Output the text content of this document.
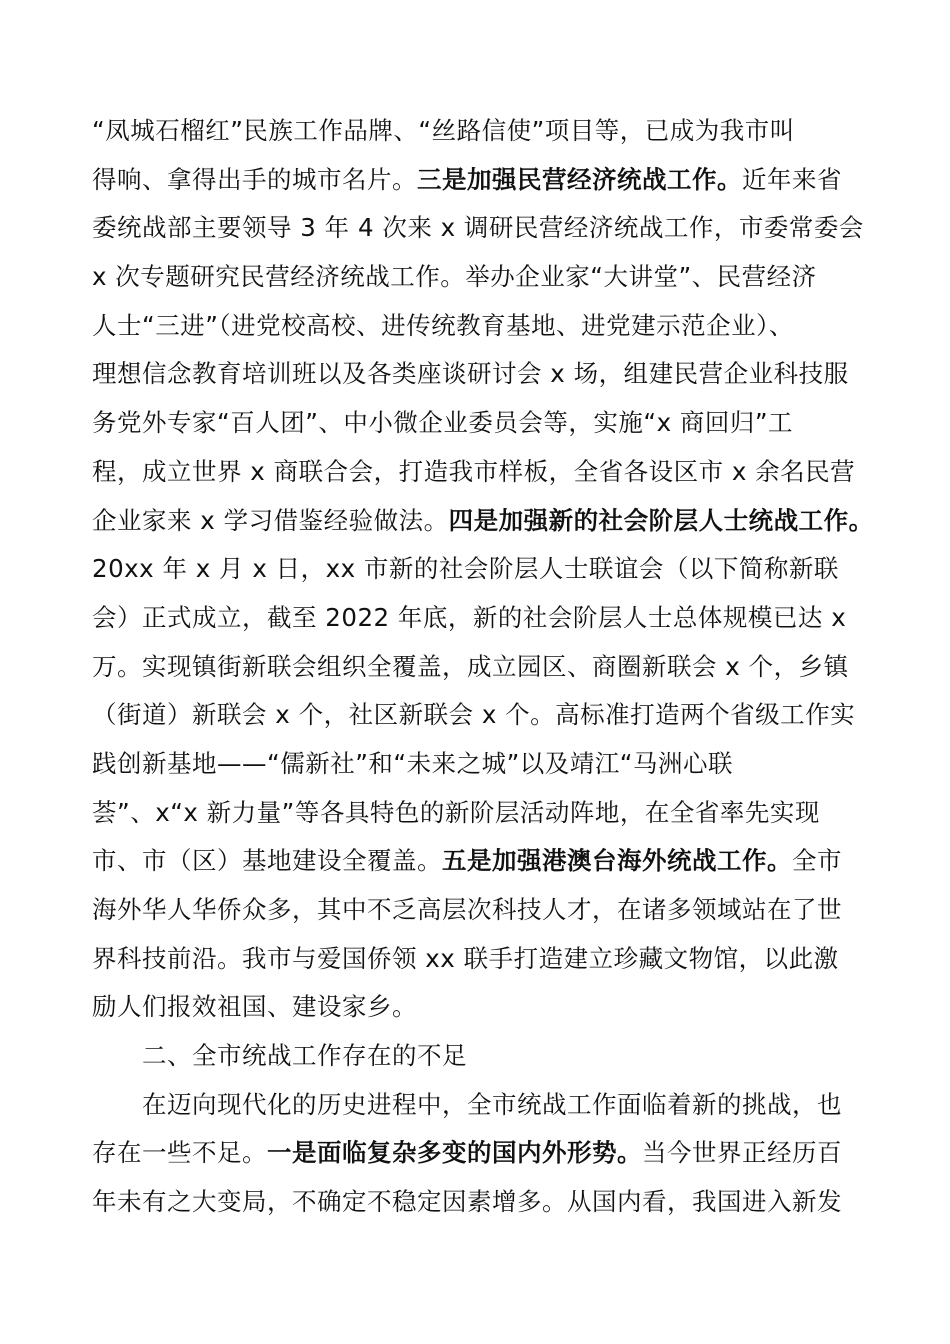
“凤城石榴红”民族工作品牌、“丝路信使”项目等，已成为我市叫
得响、拿得出手的城市名片。三是加强民营经济统战工作。近年来省
委统战部主要领导 3 年 4 次来 x 调研民营经济统战工作，市委常委会
x 次专题研究民营经济统战工作。举办企业家“大讲堂”、民营经济
人士“三进”（进党校高校、进传统教育基地、进党建示范企业）、
理想信念教育培训班以及各类座谈研讨会 x 场，组建民营企业科技服
务党外专家“百人团”、中小微企业委员会等，实施“x 商回归”工
程，成立世界 x 商联合会，打造我市样板，全省各设区市 x 余名民营
企业家来 x 学习借鉴经验做法。四是加强新的社会阶层人士统战工作。
20xx 年 x 月 x 日，xx 市新的社会阶层人士联谊会（以下简称新联
会）正式成立，截至 2022 年底，新的社会阶层人士总体规模已达 x
万。实现镇街新联会组织全覆盖，成立园区、商圈新联会 x 个，乡镇
（街道）新联会 x 个，社区新联会 x 个。高标准打造两个省级工作实
践创新基地——“儒新社”和“未来之城”以及靖江“马洲心联
荟”、x“x 新力量”等各具特色的新阶层活动阵地，在全省率先实现
市、市（区）基地建设全覆盖。五是加强港澳台海外统战工作。全市
海外华人华侨众多，其中不乏高层次科技人才，在诸多领域站在了世
界科技前沿。我市与爱国侨领 xx 联手打造建立珍藏文物馆，以此激
励人们报效祖国、建设家乡。
二、全市统战工作存在的不足
在迈向现代化的历史进程中，全市统战工作面临着新的挑战，也
存在一些不足。一是面临复杂多变的国内外形势。当今世界正经历百
年未有之大变局，不确定不稳定因素增多。从国内看，我国进入新发
